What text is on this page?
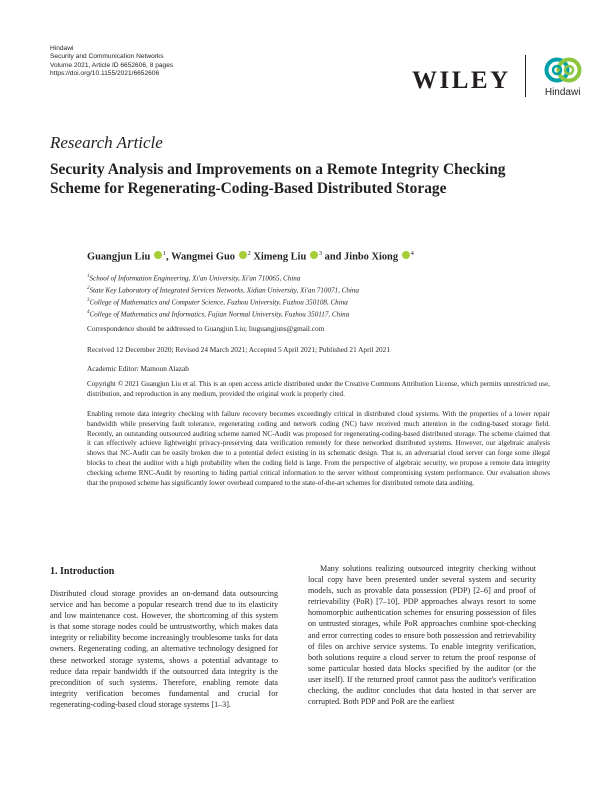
Hindawi
Security and Communication Networks
Volume 2021, Article ID 6652606, 8 pages
https://doi.org/10.1155/2021/6652606	WILEY	Hindawi
Research Article
Security Analysis and Improvements on a Remote Integrity Checking Scheme for Regenerating-Coding-Based Distributed Storage
Guangjun Liu $^1$, Wangmei Guo $^2$ Ximeng Liu $^3$ and Jinbo Xiong $^4$
$^1$School of Information Engineering, Xi'an University, Xi'an 710065, China
$^2$State Key Laboratory of Integrated Services Networks, Xidian University, Xi'an 710071, China
$^3$College of Mathematics and Computer Science, Fuzhou University, Fuzhou 350108, China
$^4$College of Mathematics and Informatics, Fujian Normal University, Fuzhou 350117, China
Correspondence should be addressed to Guangjun Liu; liuguangjuns@gmail.com
Received 12 December 2020; Revised 24 March 2021; Accepted 5 April 2021; Published 21 April 2021
Academic Editor: Mamoun Alazab
Copyright © 2021 Guangjun Liu et al. This is an open access article distributed under the Creative Commons Attribution License, which permits unrestricted use, distribution, and reproduction in any medium, provided the original work is properly cited.
Enabling remote data integrity checking with failure recovery becomes exceedingly critical in distributed cloud systems. With the properties of a lower repair bandwidth while preserving fault tolerance, regenerating coding and network coding (NC) have received much attention in the coding-based storage field. Recently, an outstanding outsourced auditing scheme named NC-Audit was proposed for regenerating-coding-based distributed storage. The scheme claimed that it can effectively achieve lightweight privacy-preserving data verification remotely for these networked distributed systems. However, our algebraic analysis shows that NC-Audit can be easily broken due to a potential defect existing in its schematic design. That is, an adversarial cloud server can forge some illegal blocks to cheat the auditor with a high probability when the coding field is large. From the perspective of algebraic security, we propose a remote data integrity checking scheme RNC-Audit by resorting to hiding partial critical information to the server without compromising system performance. Our evaluation shows that the proposed scheme has significantly lower overhead compared to the state-of-the-art schemes for distributed remote data auditing.
1. Introduction

Distributed cloud storage provides an on-demand data outsourcing service and has become a popular research trend due to its elasticity and low maintenance cost. However, the shortcoming of this system is that some storage nodes could be untrustworthy, which makes data integrity or reliability become increasingly troublesome tasks for data owners. Regenerating coding, an alternative technology designed for these networked storage systems, shows a potential advantage to reduce data repair bandwidth if the outsourced data integrity is the precondition of such systems. Therefore, enabling remote data integrity verification becomes fundamental and crucial for regenerating-coding-based cloud storage systems [1–3].

Many solutions realizing outsourced integrity checking without local copy have been presented under several system and security models, such as provable data possession (PDP) [2–6] and proof of retrievability (PoR) [7–10]. PDP approaches always resort to some homomorphic authentication schemes for ensuring possession of files on untrusted storages, while PoR approaches combine spot-checking and error correcting codes to ensure both possession and retrievability of files on archive service systems. To enable integrity verification, both solutions require a cloud server to return the proof response of some particular hosted data blocks specified by the auditor (or the user itself). If the returned proof cannot pass the auditor's verification checking, the auditor concludes that data hosted in that server are corrupted. Both PDP and PoR are the earliest
